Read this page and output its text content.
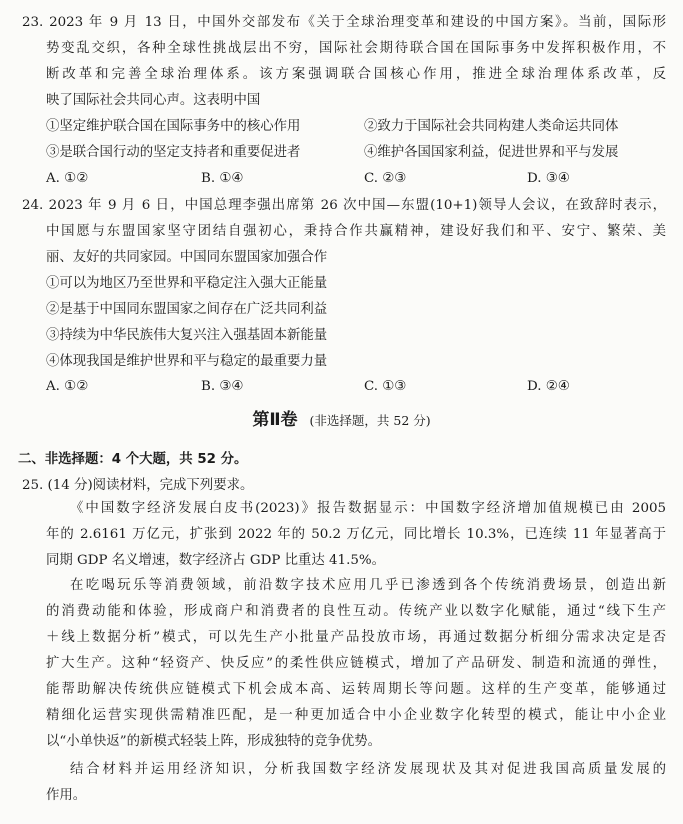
23. 2023 年 9 月 13 日，中国外交部发布《关于全球治理变革和建设的中国方案》。当前，国际形
势变乱交织，各种全球性挑战层出不穷，国际社会期待联合国在国际事务中发挥积极作用，不
断改革和完善全球治理体系。该方案强调联合国核心作用，推进全球治理体系改革，反
映了国际社会共同心声。这表明中国
①坚定维护联合国在国际事务中的核心作用	②致力于国际社会共同构建人类命运共同体
③是联合国行动的坚定支持者和重要促进者	④维护各国国家利益，促进世界和平与发展
A. ①②	B. ①④	C. ②③	D. ③④
24. 2023 年 9 月 6 日，中国总理李强出席第 26 次中国—东盟(10+1)领导人会议，在致辞时表示，
中国愿与东盟国家坚守团结自强初心，秉持合作共赢精神，建设好我们和平、安宁、繁荣、美
丽、友好的共同家园。中国同东盟国家加强合作
①可以为地区乃至世界和平稳定注入强大正能量
②是基于中国同东盟国家之间存在广泛共同利益
③持续为中华民族伟大复兴注入强基固本新能量
④体现我国是维护世界和平与稳定的最重要力量
A. ①②	B. ③④	C. ①③	D. ②④
第Ⅱ卷 (非选择题，共 52 分)
二、非选择题：4 个大题，共 52 分。
25. (14 分)阅读材料，完成下列要求。
《中国数字经济发展白皮书(2023)》报告数据显示：中国数字经济增加值规模已由 2005
年的 2.6161 万亿元，扩张到 2022 年的 50.2 万亿元，同比增长 10.3%，已连续 11 年显著高于
同期 GDP 名义增速，数字经济占 GDP 比重达 41.5%。
在吃喝玩乐等消费领域，前沿数字技术应用几乎已渗透到各个传统消费场景，创造出新
的消费动能和体验，形成商户和消费者的良性互动。传统产业以数字化赋能，通过“线下生产
＋线上数据分析”模式，可以先生产小批量产品投放市场，再通过数据分析细分需求决定是否
扩大生产。这种“轻资产、快反应”的柔性供应链模式，增加了产品研发、制造和流通的弹性，
能帮助解决传统供应链模式下机会成本高、运转周期长等问题。这样的生产变革，能够通过
精细化运营实现供需精准匹配，是一种更加适合中小企业数字化转型的模式，能让中小企业
以“小单快返”的新模式轻装上阵，形成独特的竞争优势。
结合材料并运用经济知识，分析我国数字经济发展现状及其对促进我国高质量发展的
作用。
